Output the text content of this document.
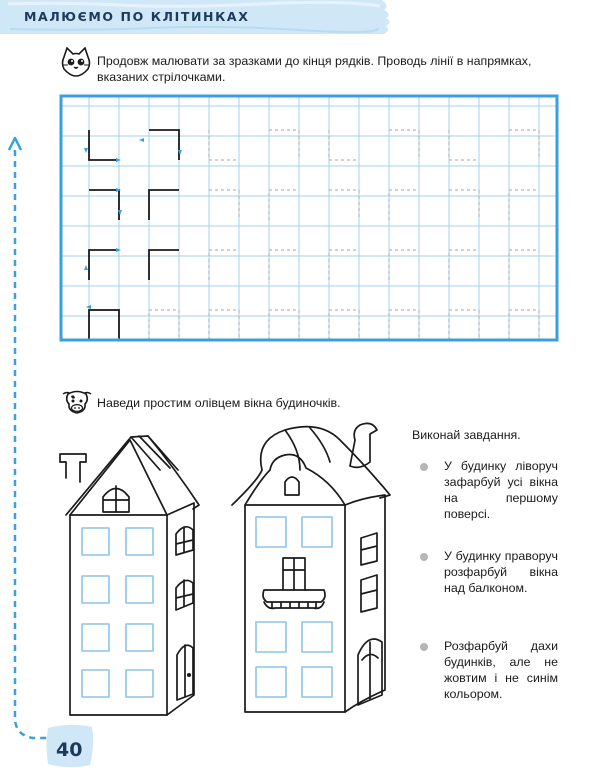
МАЛЮЄМО ПО КЛІТИНКАХ
40
Продовж малювати за зразками до кінця рядків. Проводь лінії в напрямках, вказаних стрілочками.
Наведи простим олівцем вікна будиночків.

Виконай завдання.

У будинку ліворуч зафарбуй усі вікна на першому поверсі.
У будинку праворуч розфарбуй вікна над балконом.
Розфарбуй дахи будинків, але не жовтим і не синім кольором.
